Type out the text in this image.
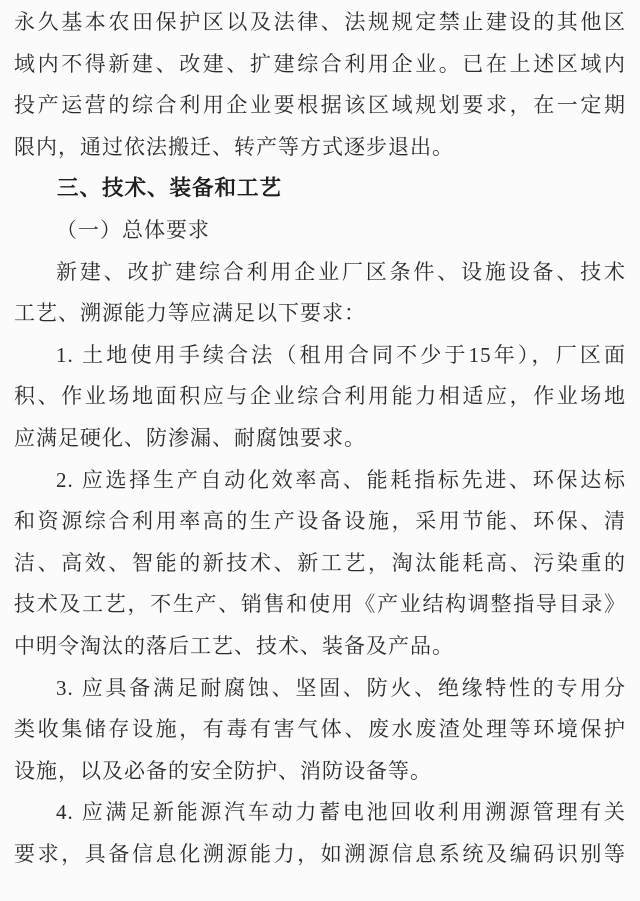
永久基本农田保护区以及法律、法规规定禁止建设的其他区
域内不得新建、改建、扩建综合利用企业。已在上述区域内
投产运营的综合利用企业要根据该区域规划要求，在一定期
限内，通过依法搬迁、转产等方式逐步退出。
三、技术、装备和工艺
（一）总体要求
新建、改扩建综合利用企业厂区条件、设施设备、技术
工艺、溯源能力等应满足以下要求：
1. 土地使用手续合法（租用合同不少于15年），厂区面
积、作业场地面积应与企业综合利用能力相适应，作业场地
应满足硬化、防渗漏、耐腐蚀要求。
2. 应选择生产自动化效率高、能耗指标先进、环保达标
和资源综合利用率高的生产设备设施，采用节能、环保、清
洁、高效、智能的新技术、新工艺，淘汰能耗高、污染重的
技术及工艺，不生产、销售和使用《产业结构调整指导目录》
中明令淘汰的落后工艺、技术、装备及产品。
3. 应具备满足耐腐蚀、坚固、防火、绝缘特性的专用分
类收集储存设施，有毒有害气体、废水废渣处理等环境保护
设施，以及必备的安全防护、消防设备等。
4. 应满足新能源汽车动力蓄电池回收利用溯源管理有关
要求，具备信息化溯源能力，如溯源信息系统及编码识别等
